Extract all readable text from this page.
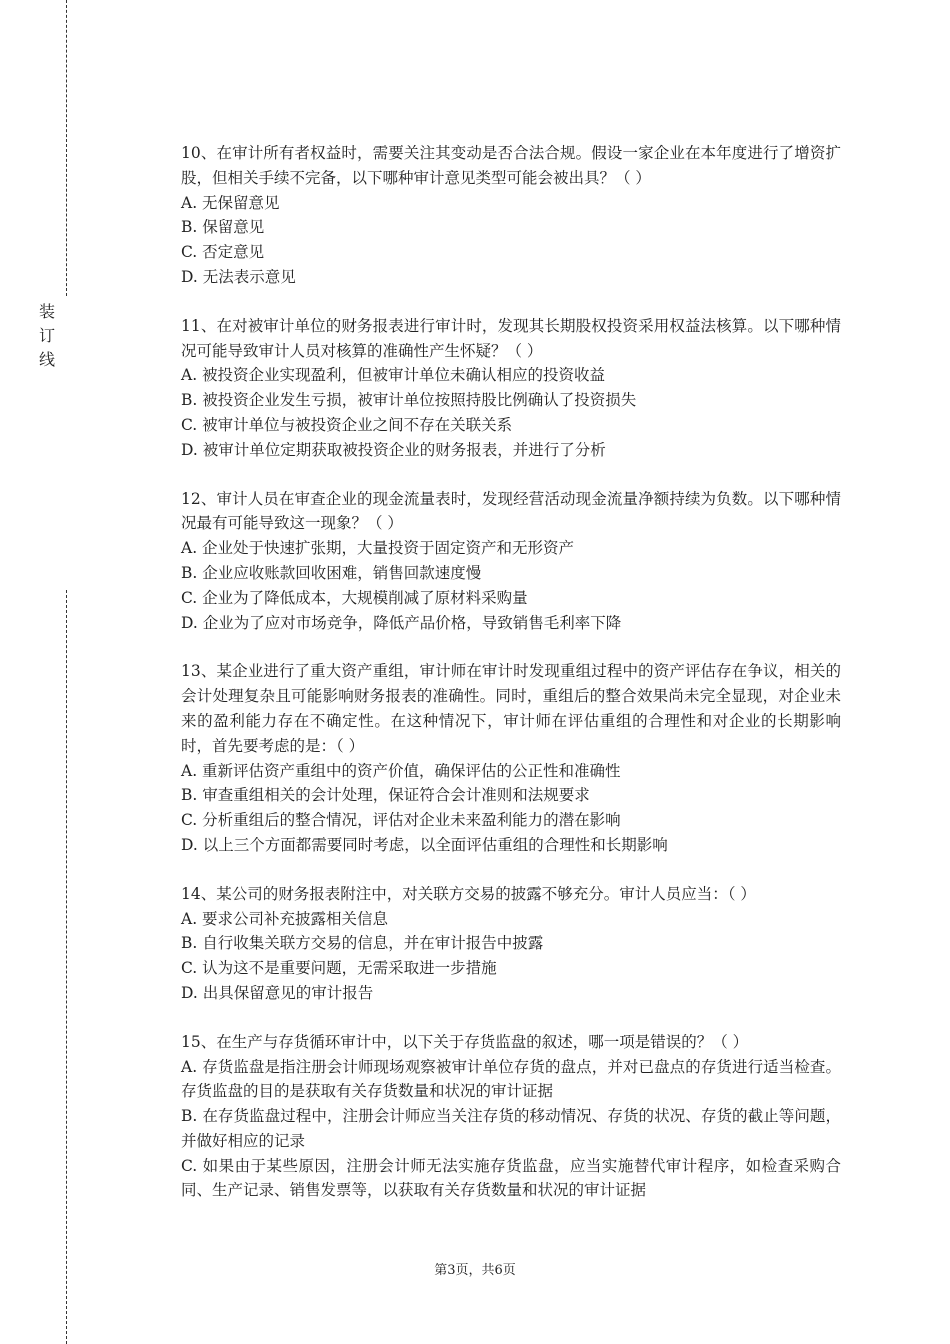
装
订
线

10、在审计所有者权益时，需要关注其变动是否合法合规。假设一家企业在本年度进行了增资扩股，但相关手续不完备，以下哪种审计意见类型可能会被出具？（ ）

A. 无保留意见

B. 保留意见

C. 否定意见

D. 无法表示意见

11、在对被审计单位的财务报表进行审计时，发现其长期股权投资采用权益法核算。以下哪种情况可能导致审计人员对核算的准确性产生怀疑？（ ）

A. 被投资企业实现盈利，但被审计单位未确认相应的投资收益

B. 被投资企业发生亏损，被审计单位按照持股比例确认了投资损失

C. 被审计单位与被投资企业之间不存在关联关系

D. 被审计单位定期获取被投资企业的财务报表，并进行了分析

12、审计人员在审查企业的现金流量表时，发现经营活动现金流量净额持续为负数。以下哪种情况最有可能导致这一现象？（ ）

A. 企业处于快速扩张期，大量投资于固定资产和无形资产

B. 企业应收账款回收困难，销售回款速度慢

C. 企业为了降低成本，大规模削减了原材料采购量

D. 企业为了应对市场竞争，降低产品价格，导致销售毛利率下降

13、某企业进行了重大资产重组，审计师在审计时发现重组过程中的资产评估存在争议，相关的会计处理复杂且可能影响财务报表的准确性。同时，重组后的整合效果尚未完全显现，对企业未来的盈利能力存在不确定性。在这种情况下，审计师在评估重组的合理性和对企业的长期影响时，首先要考虑的是：（ ）

A. 重新评估资产重组中的资产价值，确保评估的公正性和准确性

B. 审查重组相关的会计处理，保证符合会计准则和法规要求

C. 分析重组后的整合情况，评估对企业未来盈利能力的潜在影响

D. 以上三个方面都需要同时考虑，以全面评估重组的合理性和长期影响

14、某公司的财务报表附注中，对关联方交易的披露不够充分。审计人员应当：（ ）

A. 要求公司补充披露相关信息

B. 自行收集关联方交易的信息，并在审计报告中披露

C. 认为这不是重要问题，无需采取进一步措施

D. 出具保留意见的审计报告

15、在生产与存货循环审计中，以下关于存货监盘的叙述，哪一项是错误的？（ ）

A. 存货监盘是指注册会计师现场观察被审计单位存货的盘点，并对已盘点的存货进行适当检查。存货监盘的目的是获取有关存货数量和状况的审计证据

B. 在存货监盘过程中，注册会计师应当关注存货的移动情况、存货的状况、存货的截止等问题，并做好相应的记录

C. 如果由于某些原因，注册会计师无法实施存货监盘，应当实施替代审计程序，如检查采购合同、生产记录、销售发票等，以获取有关存货数量和状况的审计证据

第3页，共6页
